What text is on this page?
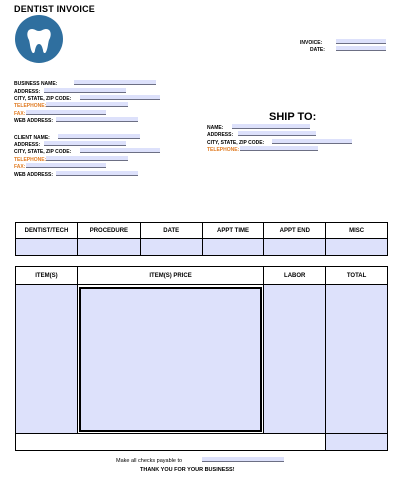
DENTIST INVOICE
INVOICE:
DATE:
BUSINESS NAME:
ADDRESS:
CITY, STATE, ZIP CODE:
TELEPHONE:
FAX:
WEB ADDRESS:
CLIENT NAME:
ADDRESS:
CITY, STATE, ZIP CODE:
TELEPHONE:
FAX:
WEB ADDRESS:
SHIP TO:
NAME:
ADDRESS:
CITY, STATE, ZIP CODE:
TELEPHONE:
DENTIST/TECH	PROCEDURE	DATE	APPT TIME	APPT END	MISC

ITEM(S)	ITEM(S) PRICE	LABOR	TOTAL

Make all checks payable to
THANK YOU FOR YOUR BUSINESS!
